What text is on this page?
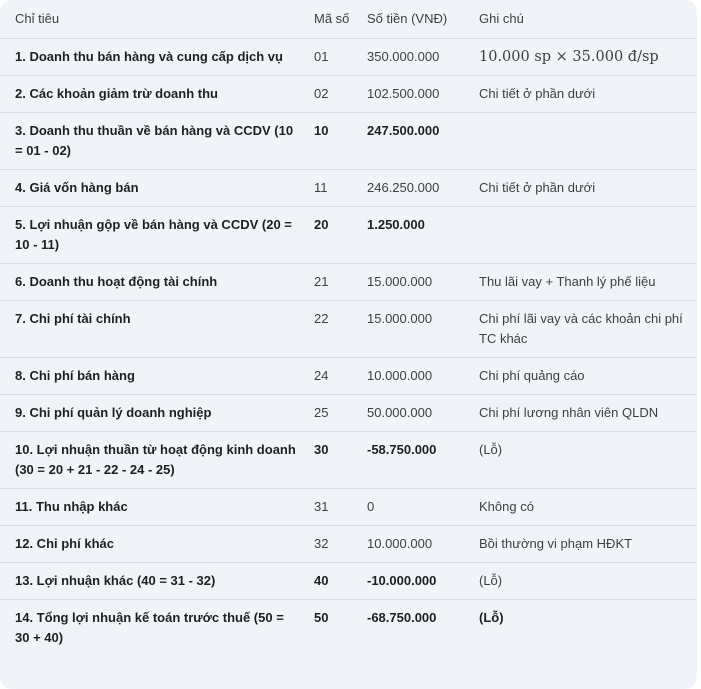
Chỉ tiêu	Mã số	Số tiền (VNĐ)	Ghi chú
1. Doanh thu bán hàng và cung cấp dịch vụ	01	350.000.000	10.000 sp × 35.000 đ/sp
2. Các khoản giảm trừ doanh thu	02	102.500.000	Chi tiết ở phần dưới
3. Doanh thu thuần về bán hàng và CCDV (10 = 01 - 02)	10	247.500.000	
4. Giá vốn hàng bán	11	246.250.000	Chi tiết ở phần dưới
5. Lợi nhuận gộp về bán hàng và CCDV (20 = 10 - 11)	20	1.250.000	
6. Doanh thu hoạt động tài chính	21	15.000.000	Thu lãi vay + Thanh lý phế liệu
7. Chi phí tài chính	22	15.000.000	Chi phí lãi vay và các khoản chi phí TC khác
8. Chi phí bán hàng	24	10.000.000	Chi phí quảng cáo
9. Chi phí quản lý doanh nghiệp	25	50.000.000	Chi phí lương nhân viên QLDN
10. Lợi nhuận thuần từ hoạt động kinh doanh (30 = 20 + 21 - 22 - 24 - 25)	30	-58.750.000	(Lỗ)
11. Thu nhập khác	31	0	Không có
12. Chi phí khác	32	10.000.000	Bồi thường vi phạm HĐKT
13. Lợi nhuận khác (40 = 31 - 32)	40	-10.000.000	(Lỗ)
14. Tổng lợi nhuận kế toán trước thuế (50 = 30 + 40)	50	-68.750.000	(Lỗ)
